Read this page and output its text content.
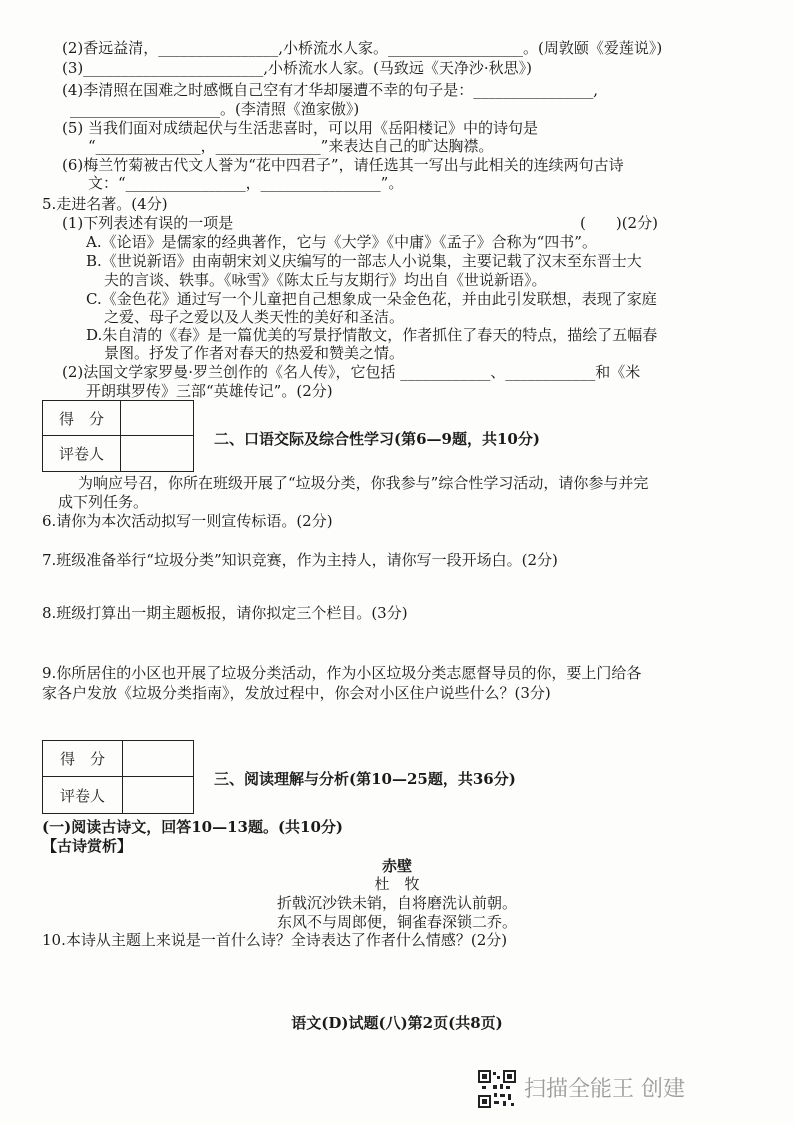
(2)香远益清，________________,小桥流水人家。__________________。(周敦颐《爱莲说》)
(3)________________________,小桥流水人家。(马致远《天净沙·秋思》)
(4)李清照在国难之时感慨自己空有才华却屡遭不幸的句子是：________________,
____________________。(李清照《渔家傲》)
(5) 当我们面对成绩起伏与生活悲喜时，可以用《岳阳楼记》中的诗句是
“______________，______________”来表达自己的旷达胸襟。
(6)梅兰竹菊被古代文人誉为“花中四君子”，请任选其一写出与此相关的连续两句古诗
文：“________________，________________”。
5.走进名著。(4分)
(1)下列表述有误的一项是	(　　)(2分)
A.《论语》是儒家的经典著作，它与《大学》《中庸》《孟子》合称为“四书”。
B.《世说新语》由南朝宋刘义庆编写的一部志人小说集，主要记载了汉末至东晋士大
夫的言谈、轶事。《咏雪》《陈太丘与友期行》均出自《世说新语》。
C.《金色花》通过写一个儿童把自己想象成一朵金色花，并由此引发联想，表现了家庭
之爱、母子之爱以及人类天性的美好和圣洁。
D.朱自清的《春》是一篇优美的写景抒情散文，作者抓住了春天的特点，描绘了五幅春
景图。抒发了作者对春天的热爱和赞美之情。
(2)法国文学家罗曼·罗兰创作的《名人传》，它包括 ____________、____________和《米
开朗琪罗传》三部“英雄传记”。(2分)
得　分
评卷人
二、口语交际及综合性学习(第6—9题，共10分)
为响应号召，你所在班级开展了“垃圾分类，你我参与”综合性学习活动，请你参与并完
成下列任务。
6.请你为本次活动拟写一则宣传标语。(2分)
7.班级准备举行“垃圾分类”知识竞赛，作为主持人，请你写一段开场白。(2分)
8.班级打算出一期主题板报，请你拟定三个栏目。(3分)
9.你所居住的小区也开展了垃圾分类活动，作为小区垃圾分类志愿督导员的你，要上门给各
家各户发放《垃圾分类指南》，发放过程中，你会对小区住户说些什么？(3分)
得　分
评卷人
三、阅读理解与分析(第10—25题，共36分)
(一)阅读古诗文，回答10—13题。(共10分)
【古诗赏析】
赤壁
杜　牧
折戟沉沙铁未销，自将磨洗认前朝。
东风不与周郎便，铜雀春深锁二乔。
10.本诗从主题上来说是一首什么诗？全诗表达了作者什么情感？(2分)
语文(D)试题(八)第2页(共8页)
扫描全能王 创建
